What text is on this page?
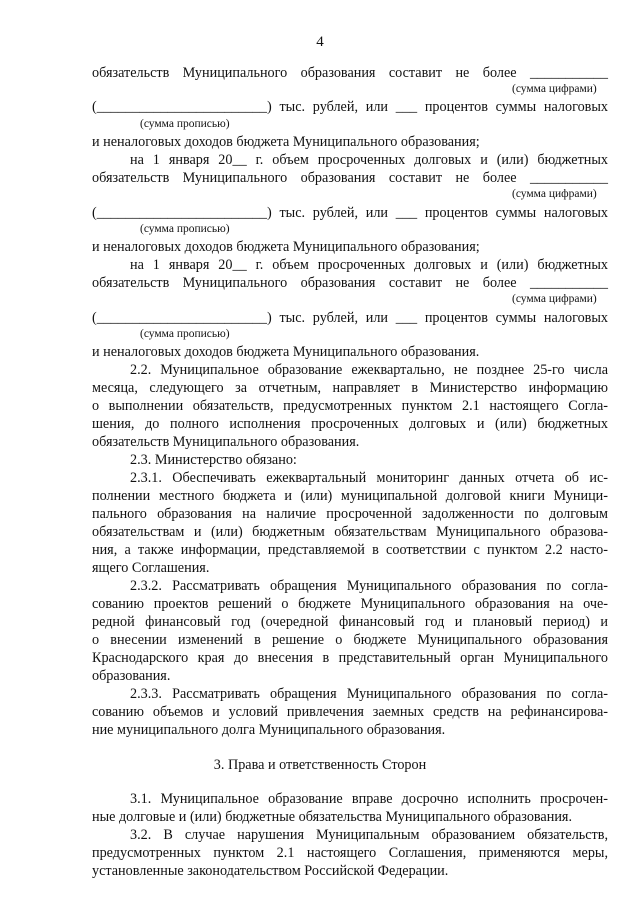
4
обязательств Муниципального образования составит не более ___________
(сумма цифрами)
(________________________) тыс. рублей, или ___ процентов суммы налоговых
(сумма прописью)
и неналоговых доходов бюджета Муниципального образования;
на 1 января 20__ г. объем просроченных долговых и (или) бюджетных
обязательств Муниципального образования составит не более ___________
(сумма цифрами)
(________________________) тыс. рублей, или ___ процентов суммы налоговых
(сумма прописью)
и неналоговых доходов бюджета Муниципального образования;
на 1 января 20__ г. объем просроченных долговых и (или) бюджетных
обязательств Муниципального образования составит не более ___________
(сумма цифрами)
(________________________) тыс. рублей, или ___ процентов суммы налоговых
(сумма прописью)
и неналоговых доходов бюджета Муниципального образования.
2.2. Муниципальное образование ежеквартально, не позднее 25-го числа
месяца, следующего за отчетным, направляет в Министерство информацию
о выполнении обязательств, предусмотренных пунктом 2.1 настоящего Согла-
шения, до полного исполнения просроченных долговых и (или) бюджетных
обязательств Муниципального образования.
2.3. Министерство обязано:
2.3.1. Обеспечивать ежеквартальный мониторинг данных отчета об ис-
полнении местного бюджета и (или) муниципальной долговой книги Муници-
пального образования на наличие просроченной задолженности по долговым
обязательствам и (или) бюджетным обязательствам Муниципального образова-
ния, а также информации, представляемой в соответствии с пунктом 2.2 насто-
ящего Соглашения.
2.3.2. Рассматривать обращения Муниципального образования по согла-
сованию проектов решений о бюджете Муниципального образования на оче-
редной финансовый год (очередной финансовый год и плановый период) и
о внесении изменений в решение о бюджете Муниципального образования
Краснодарского края до внесения в представительный орган Муниципального
образования.
2.3.3. Рассматривать обращения Муниципального образования по согла-
сованию объемов и условий привлечения заемных средств на рефинансирова-
ние муниципального долга Муниципального образования.
3. Права и ответственность Сторон
3.1. Муниципальное образование вправе досрочно исполнить просрочен-
ные долговые и (или) бюджетные обязательства Муниципального образования.
3.2. В случае нарушения Муниципальным образованием обязательств,
предусмотренных пунктом 2.1 настоящего Соглашения, применяются меры,
установленные законодательством Российской Федерации.
